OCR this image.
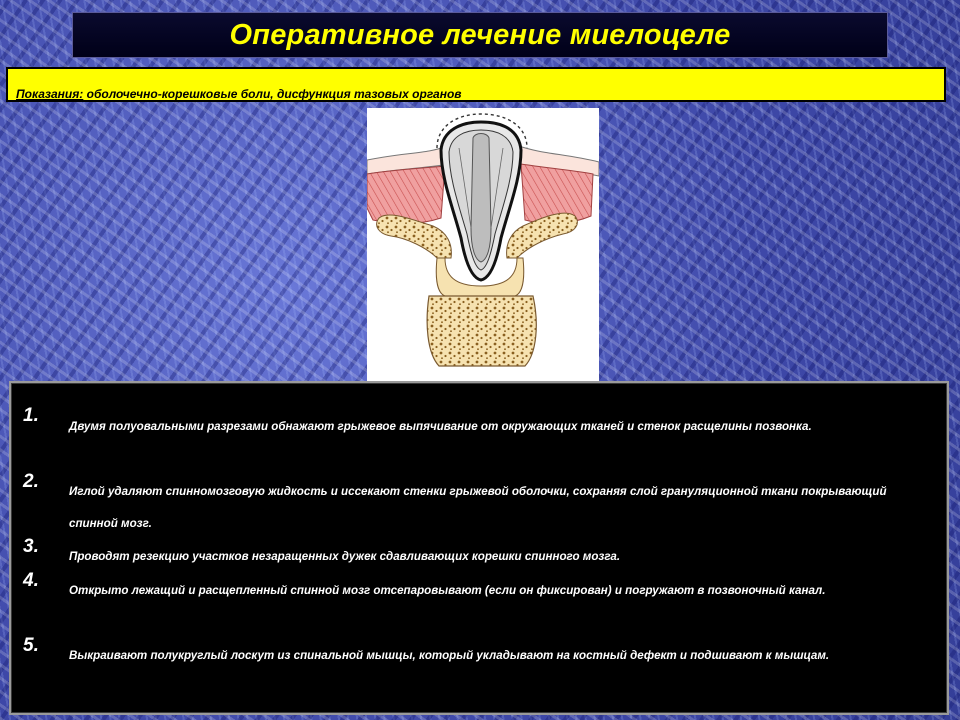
Оперативное лечение миелоцеле
Показания: оболочечно-корешковые боли, дисфункция тазовых органов
1.
Двумя полуовальными разрезами обнажают грыжевое выпячивание от окружающих тканей и стенок расщелины позвонка.
2.	Иглой удаляют спинномозговую жидкость и иссекают стенки грыжевой оболочки, сохраняя слой грануляционной ткани покрывающий спинной мозг.
3.	Проводят резекцию участков незаращенных дужек сдавливающих корешки спинного мозга.
4.	Открыто лежащий и расщепленный спинной мозг отсепаровывают (если он фиксирован) и погружают в позвоночный канал.
5.	Выкраивают полукруглый лоскут из спинальной мышцы, который укладывают на костный дефект и подшивают к мышцам.
